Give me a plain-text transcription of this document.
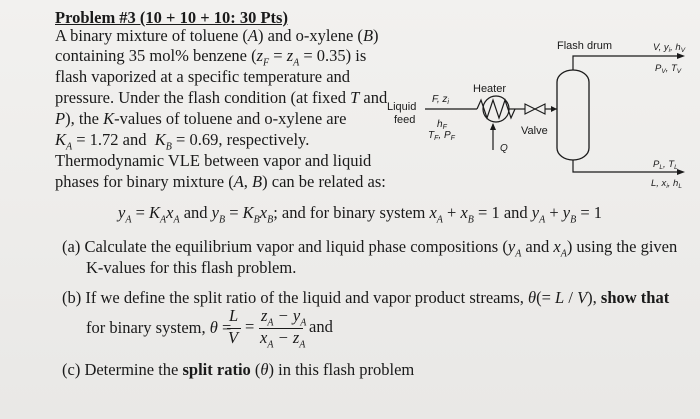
Problem #3 (10 + 10 + 10: 30 Pts)
A binary mixture of toluene (A) and o-xylene (B)
containing 35 mol% benzene $(z_F = z_A = 0.35)$ is
flash vaporized at a specific temperature and
pressure. Under the flash condition (at fixed T and
P), the K-values of toluene and o-xylene are
$K_A = 1.72$ and  $K_B = 0.69$, respectively.
Thermodynamic VLE between vapor and liquid
phases for binary mixture (A, B) can be related as:
$y_A = K_Ax_A$ and $y_B = K_Bx_B$; and for binary system $x_A + x_B = 1$ and $y_A + y_B = 1$
(a) Calculate the equilibrium vapor and liquid phase compositions ($y_A$ and $x_A$) using the given
K-values for this flash problem.
(b) If we define the split ratio of the liquid and vapor product streams, θ(= L / V), show that
for binary system, θ =
L
V
=
$z_A - y_A$
$x_A - z_A$
and
(c) Determine the split ratio (θ) in this flash problem
Flash drum
Heater
Valve
Liquid
feed
F, $z_i$
$h_F$
$T_F$, $P_F$
Q
V, $y_i$, $h_V$
$P_V$, $T_V$
$P_L$, $T_L$
L, $x_i$, $h_L$
